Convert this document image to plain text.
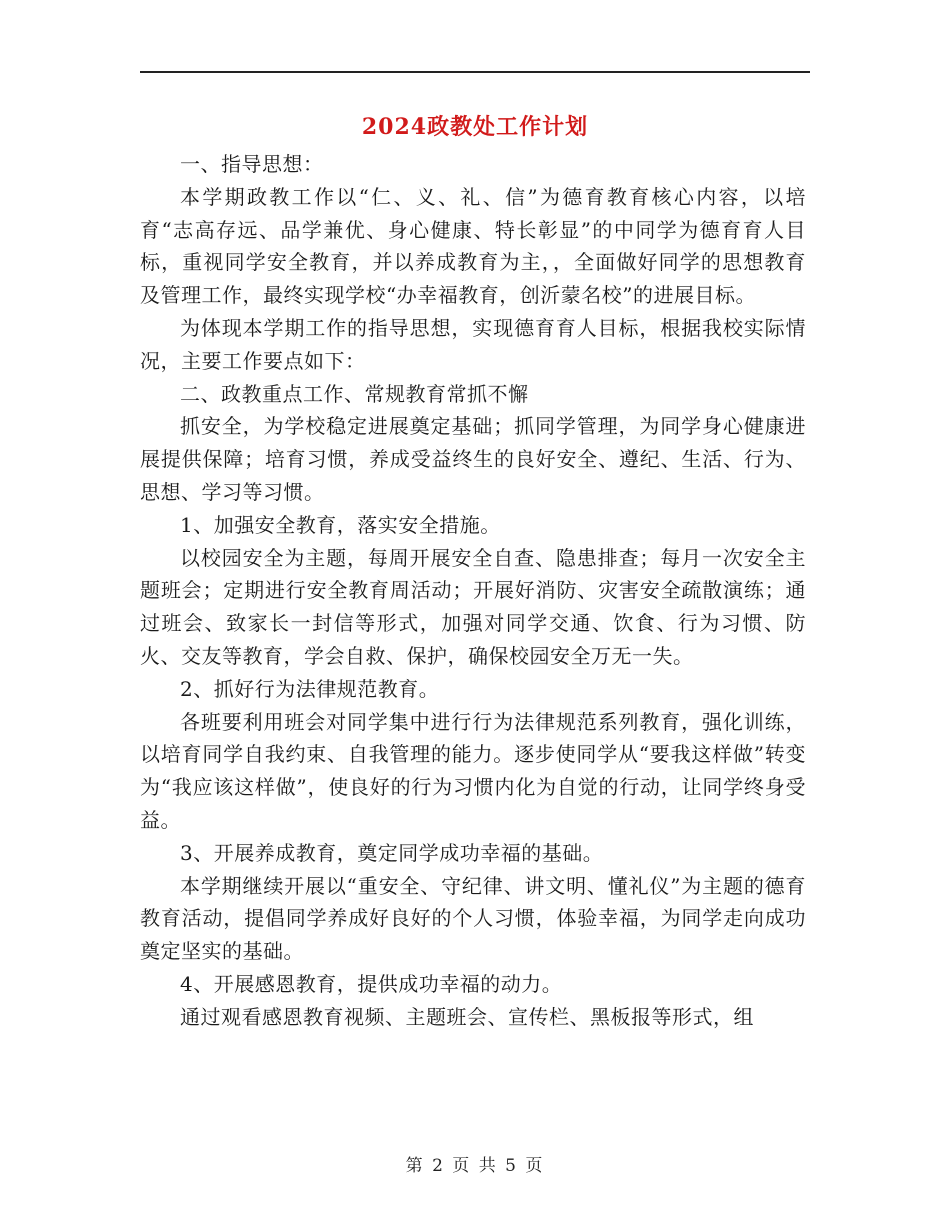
2024政教处工作计划

一、指导思想：

本学期政教工作以“仁、义、礼、信”为德育教育核心内容，以培育“志高存远、品学兼优、身心健康、特长彰显”的中同学为德育育人目标，重视同学安全教育，并以养成教育为主，，全面做好同学的思想教育及管理工作，最终实现学校“办幸福教育，创沂蒙名校”的进展目标。

为体现本学期工作的指导思想，实现德育育人目标，根据我校实际情况，主要工作要点如下：

二、政教重点工作、常规教育常抓不懈

抓安全，为学校稳定进展奠定基础；抓同学管理，为同学身心健康进展提供保障；培育习惯，养成受益终生的良好安全、遵纪、生活、行为、思想、学习等习惯。

1、加强安全教育，落实安全措施。

以校园安全为主题，每周开展安全自查、隐患排查；每月一次安全主题班会；定期进行安全教育周活动；开展好消防、灾害安全疏散演练；通过班会、致家长一封信等形式，加强对同学交通、饮食、行为习惯、防火、交友等教育，学会自救、保护，确保校园安全万无一失。

2、抓好行为法律规范教育。

各班要利用班会对同学集中进行行为法律规范系列教育，强化训练，以培育同学自我约束、自我管理的能力。逐步使同学从“要我这样做”转变为“我应该这样做”，使良好的行为习惯内化为自觉的行动，让同学终身受益。

3、开展养成教育，奠定同学成功幸福的基础。

本学期继续开展以“重安全、守纪律、讲文明、懂礼仪”为主题的德育教育活动，提倡同学养成好良好的个人习惯，体验幸福，为同学走向成功奠定坚实的基础。

4、开展感恩教育，提供成功幸福的动力。

通过观看感恩教育视频、主题班会、宣传栏、黑板报等形式，组

第 2 页 共 5 页
